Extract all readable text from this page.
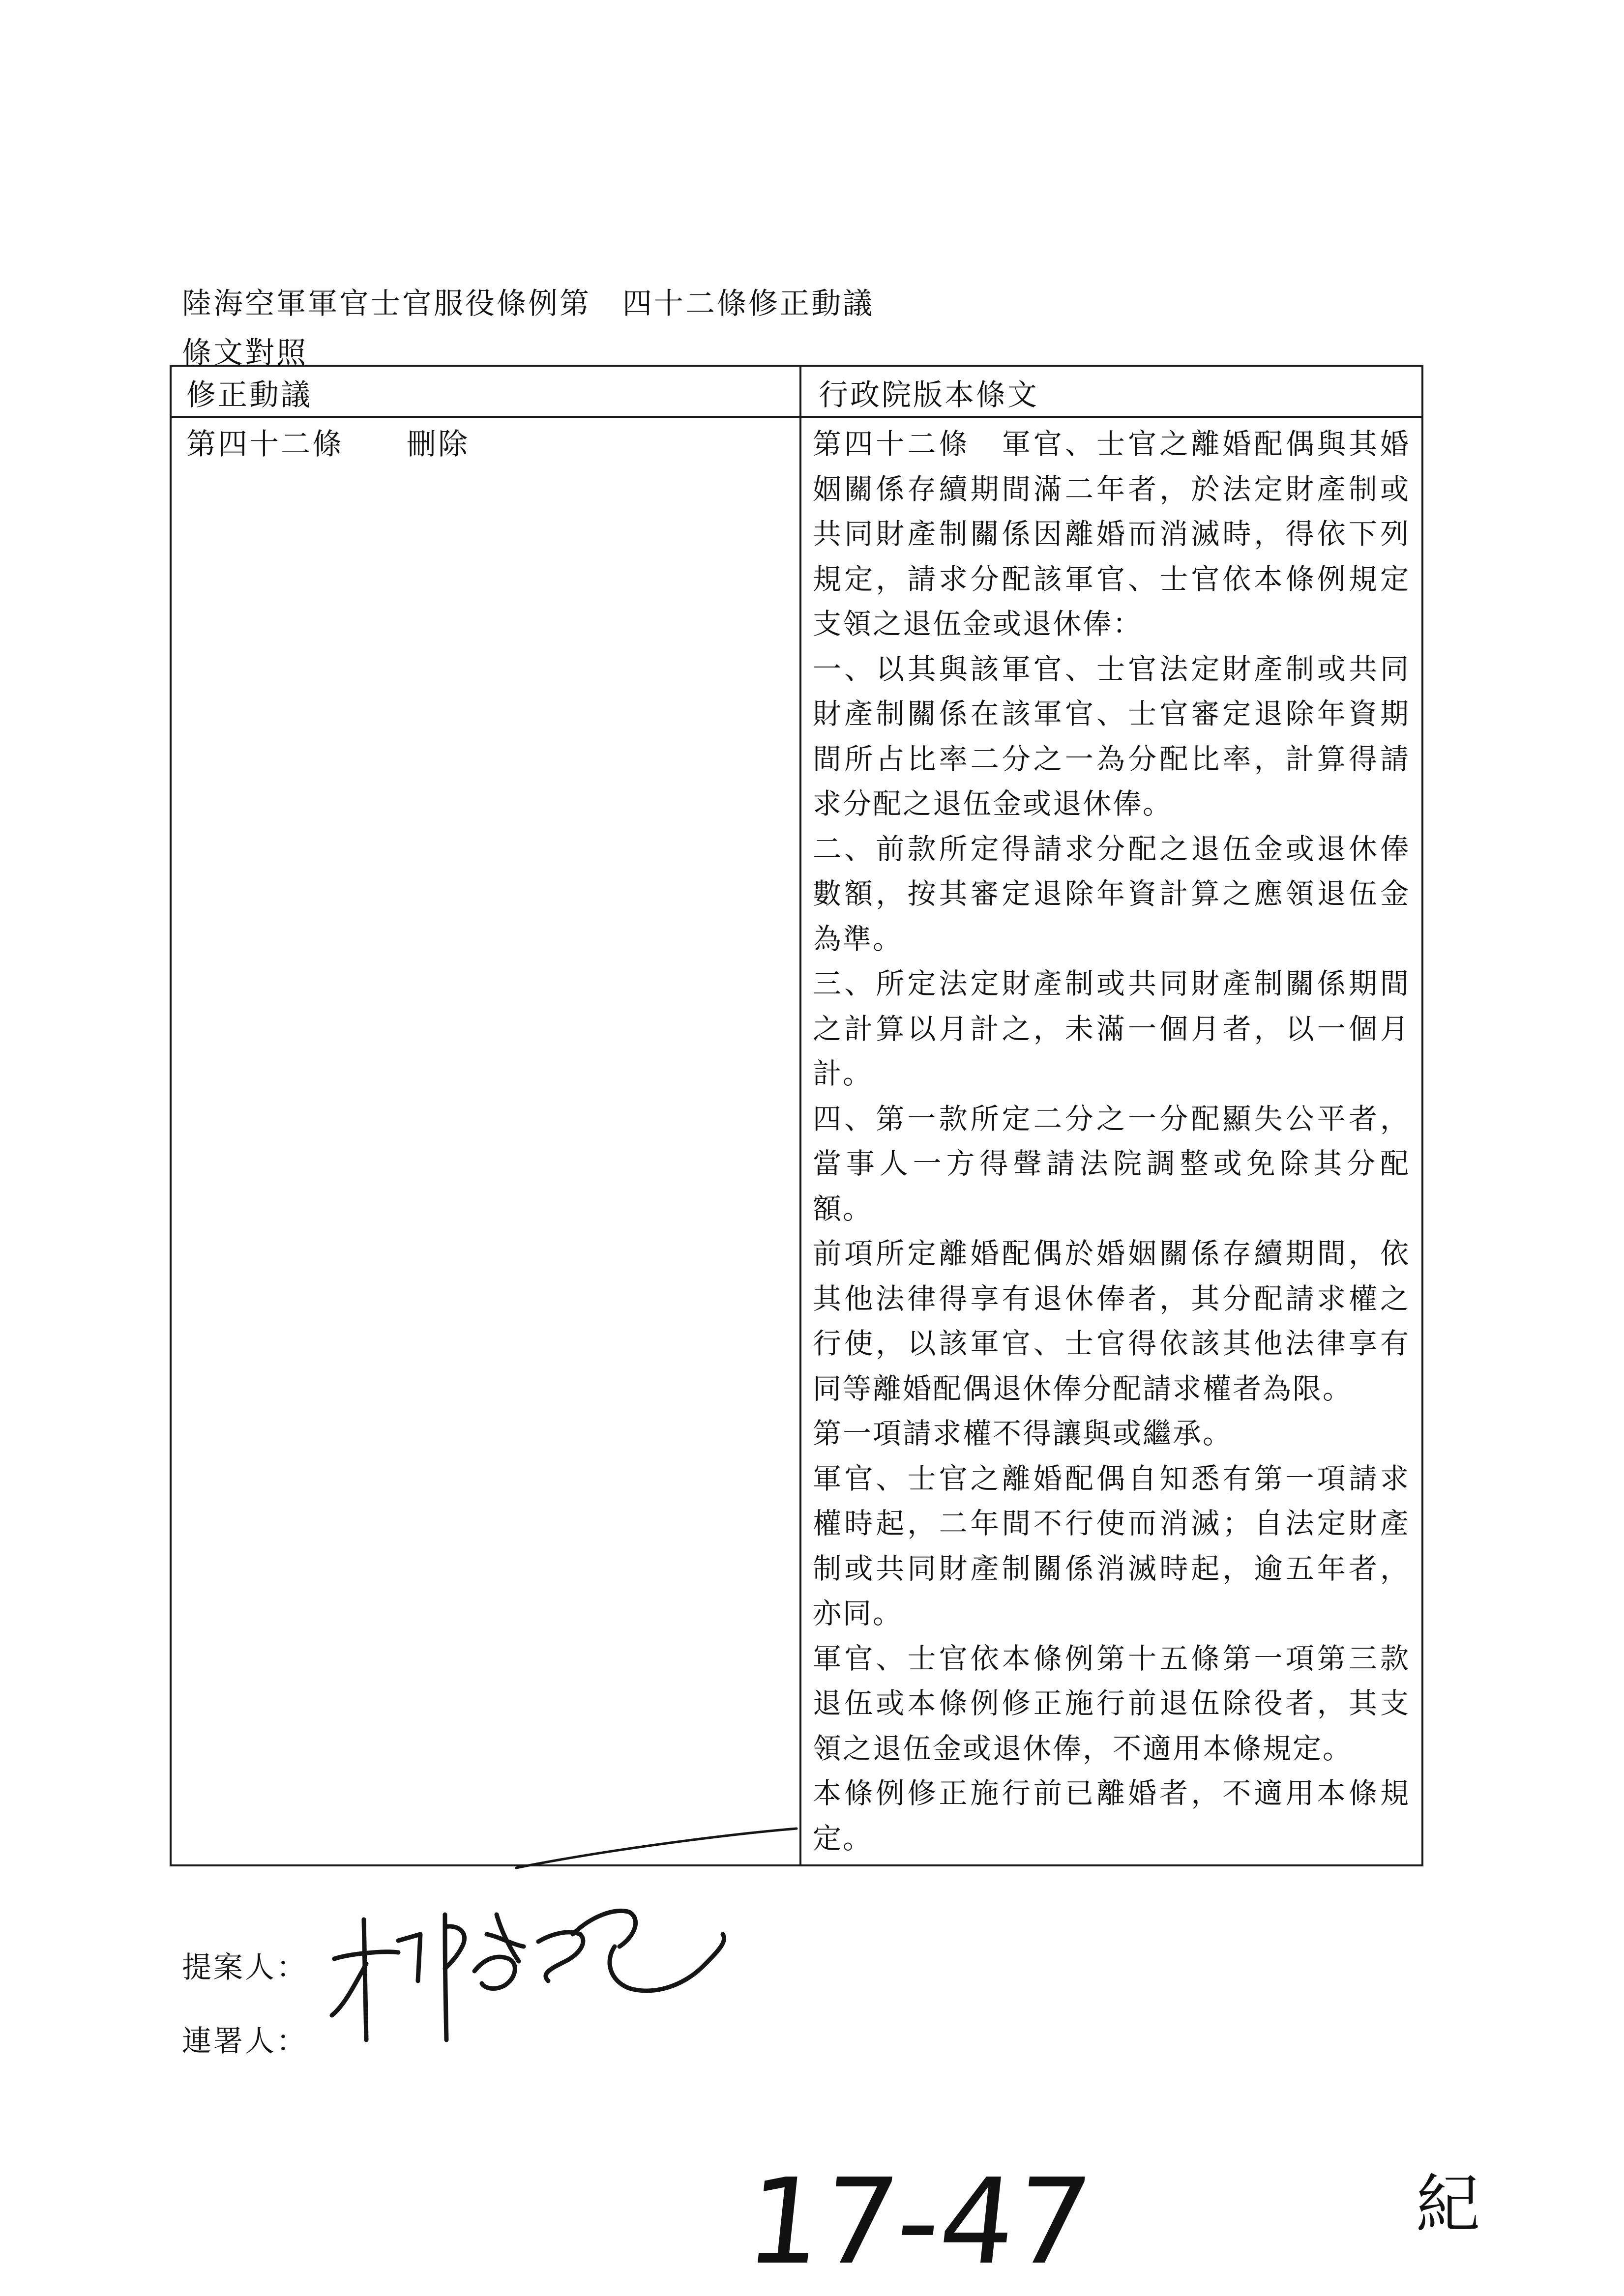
陸海空軍軍官士官服役條例第　四十二條修正動議
條文對照
修正動議	行政院版本條文
第四十二條　　刪除	第四十二條　軍官、士官之離婚配偶與其婚姻關係存續期間滿二年者，於法定財產制或共同財產制關係因離婚而消滅時，得依下列規定，請求分配該軍官、士官依本條例規定支領之退伍金或退休俸：

一、以其與該軍官、士官法定財產制或共同財產制關係在該軍官、士官審定退除年資期間所占比率二分之一為分配比率，計算得請求分配之退伍金或退休俸。

二、前款所定得請求分配之退伍金或退休俸數額，按其審定退除年資計算之應領退伍金為準。

三、所定法定財產制或共同財產制關係期間之計算以月計之，未滿一個月者，以一個月計。

四、第一款所定二分之一分配顯失公平者，當事人一方得聲請法院調整或免除其分配額。

前項所定離婚配偶於婚姻關係存續期間，依其他法律得享有退休俸者，其分配請求權之行使，以該軍官、士官得依該其他法律享有同等離婚配偶退休俸分配請求權者為限。

第一項請求權不得讓與或繼承。

軍官、士官之離婚配偶自知悉有第一項請求權時起，二年間不行使而消滅；自法定財產制或共同財產制關係消滅時起，逾五年者，亦同。

軍官、士官依本條例第十五條第一項第三款退伍或本條例修正施行前退伍除役者，其支領之退伍金或退休俸，不適用本條規定。

本條例修正施行前已離婚者，不適用本條規定。

提案人：
連署人：
17-47	紀
